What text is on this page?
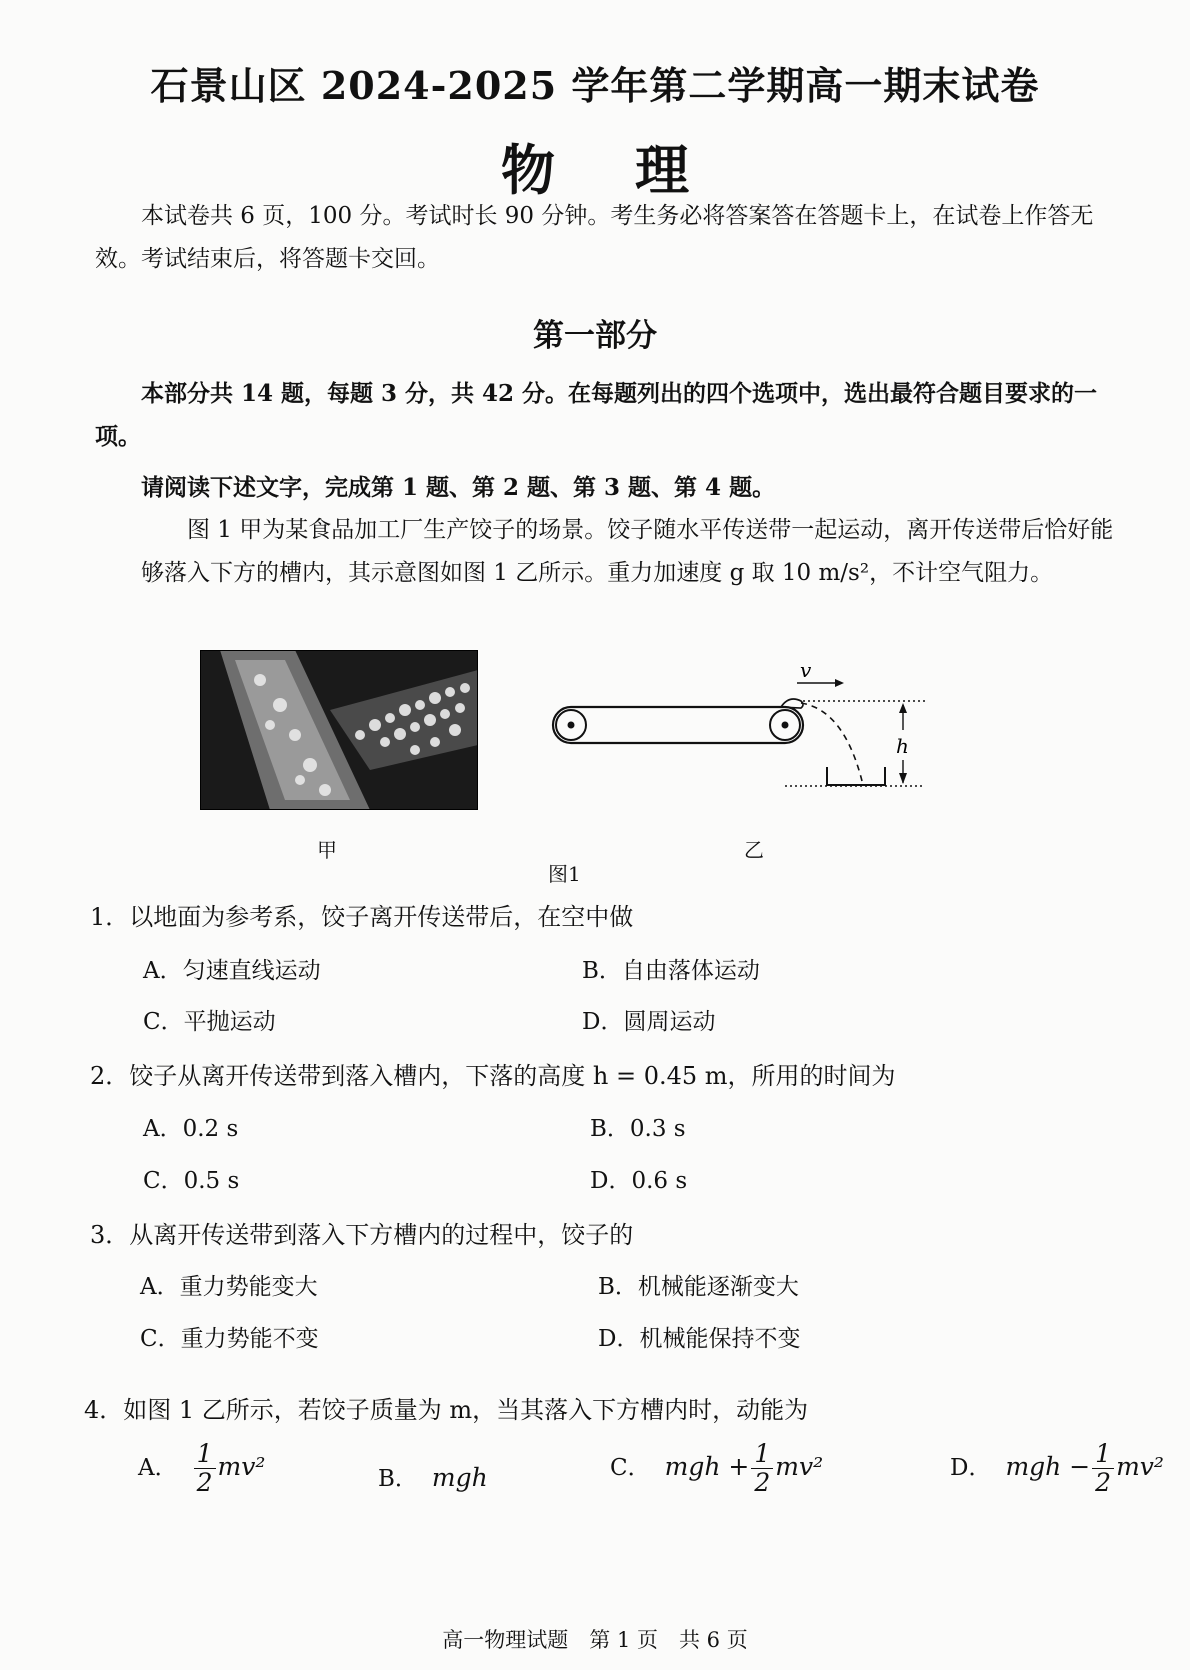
石景山区 2024-2025 学年第二学期高一期末试卷
物 理
本试卷共 6 页，100 分。考试时长 90 分钟。考生务必将答案答在答题卡上，在试卷上作答无效。考试结束后，将答题卡交回。
第一部分
本部分共 14 题，每题 3 分，共 42 分。在每题列出的四个选项中，选出最符合题目要求的一项。
请阅读下述文字，完成第 1 题、第 2 题、第 3 题、第 4 题。
图 1 甲为某食品加工厂生产饺子的场景。饺子随水平传送带一起运动，离开传送带后恰好能够落入下方的槽内，其示意图如图 1 乙所示。重力加速度 g 取 10 m/s²，不计空气阻力。
甲
v
h
乙
图1
1．以地面为参考系，饺子离开传送带后，在空中做
A．匀速直线运动	B．自由落体运动
C．平抛运动	D．圆周运动
2．饺子从离开传送带到落入槽内，下落的高度 h = 0.45 m，所用的时间为
A．0.2 s	B．0.3 s
C．0.5 s	D．0.6 s
3．从离开传送带到落入下方槽内的过程中，饺子的
A．重力势能变大	B．机械能逐渐变大
C．重力势能不变	D．机械能保持不变
4．如图 1 乙所示，若饺子质量为 m，当其落入下方槽内时，动能为
A． $\frac{1}{2} mv^2$	B． mgh	C． mgh + $\frac{1}{2} mv^2$	D． mgh − $\frac{1}{2} mv^2$
高一物理试题　第 1 页　共 6 页
